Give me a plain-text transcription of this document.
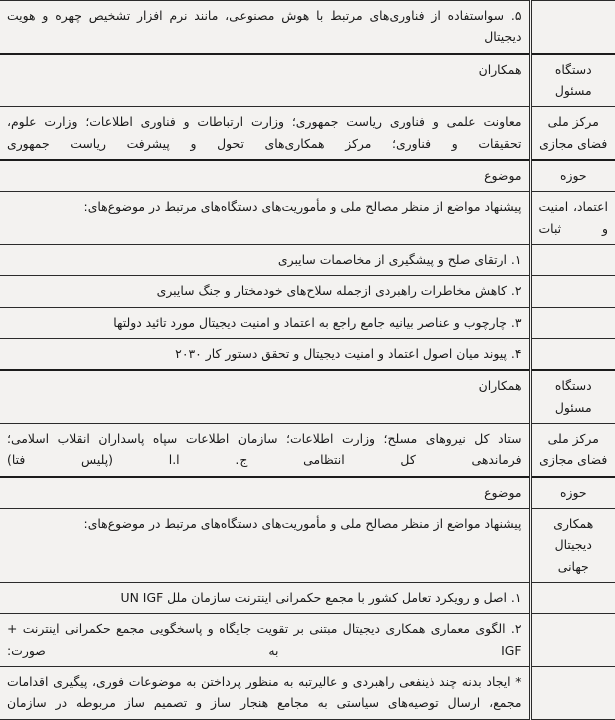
	۵. سواستفاده از فناوری‌های مرتبط با هوش مصنوعی، مانند نرم افزار تشخیص چهره و هویت دیجیتال
دستگاه مسئول	همکاران
مرکز ملی فضای مجازی	معاونت علمی و فناوری ریاست جمهوری؛ وزارت ارتباطات و فناوری اطلاعات؛ وزارت علوم، تحقیقات و فناوری؛ مرکز همکاری‌های تحول و پیشرفت ریاست جمهوری
حوزه	موضوع
اعتماد، امنیت و ثبات	پیشنهاد مواضع از منظر مصالح ملی و مأموریت‌های دستگاه‌های مرتبط در موضوع‌های:
	۱. ارتقای صلح و پیشگیری از مخاصمات سایبری
	۲. کاهش مخاطرات راهبردی ازجمله سلاح‌های خودمختار و جنگ سایبری
	۳. چارچوب و عناصر بیانیه جامع راجع به اعتماد و امنیت دیجیتال مورد تائید دولتها
	۴. پیوند میان اصول اعتماد و امنیت دیجیتال و تحقق دستور کار ۲۰۳۰
دستگاه مسئول	همکاران
مرکز ملی فضای مجازی	ستاد کل نیروهای مسلح؛ وزارت اطلاعات؛ سازمان اطلاعات سپاه پاسداران انقلاب اسلامی؛ فرماندهی کل انتظامی ج. ا.ا (پلیس فتا)
حوزه	موضوع
همکاری دیجیتال جهانی	پیشنهاد مواضع از منظر مصالح ملی و مأموریت‌های دستگاه‌های مرتبط در موضوع‌های:
	۱. اصل و رویکرد تعامل کشور با مجمع حکمرانی اینترنت سازمان ملل UN IGF
	۲. الگوی معماری همکاری دیجیتال مبتنی بر تقویت جایگاه و پاسخگویی مجمع حکمرانی اینترنت + IGF به صورت:
	* ایجاد بدنه چند ذینفعی راهبردی و عالیرتبه به منظور پرداختن به موضوعات فوری، پیگیری اقدامات مجمع، ارسال توصیه‌های سیاستی به مجامع هنجار ساز و تصمیم ساز مربوطه در سازمان
